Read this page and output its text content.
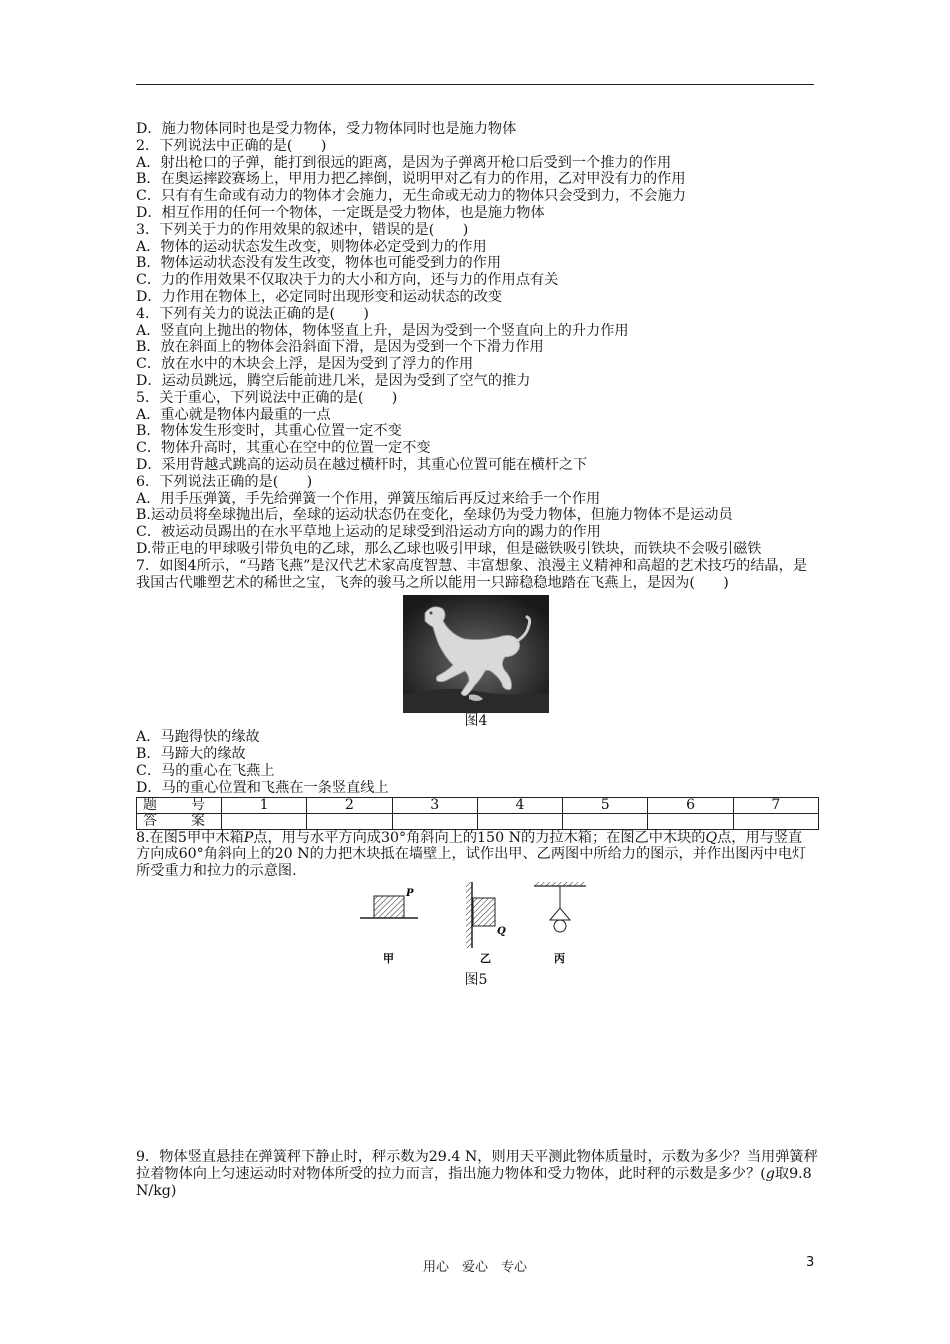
D．施力物体同时也是受力物体，受力物体同时也是施力物体
2．下列说法中正确的是(　　)
A．射出枪口的子弹，能打到很远的距离，是因为子弹离开枪口后受到一个推力的作用
B．在奥运摔跤赛场上，甲用力把乙摔倒，说明甲对乙有力的作用，乙对甲没有力的作用
C．只有有生命或有动力的物体才会施力，无生命或无动力的物体只会受到力，不会施力
D．相互作用的任何一个物体，一定既是受力物体，也是施力物体
3．下列关于力的作用效果的叙述中，错误的是(　　)
A．物体的运动状态发生改变，则物体必定受到力的作用
B．物体运动状态没有发生改变，物体也可能受到力的作用
C．力的作用效果不仅取决于力的大小和方向，还与力的作用点有关
D．力作用在物体上，必定同时出现形变和运动状态的改变
4．下列有关力的说法正确的是(　　)
A．竖直向上抛出的物体，物体竖直上升，是因为受到一个竖直向上的升力作用
B．放在斜面上的物体会沿斜面下滑，是因为受到一个下滑力作用
C．放在水中的木块会上浮，是因为受到了浮力的作用
D．运动员跳远，腾空后能前进几米，是因为受到了空气的推力
5．关于重心，下列说法中正确的是(　　)
A．重心就是物体内最重的一点
B．物体发生形变时，其重心位置一定不变
C．物体升高时，其重心在空中的位置一定不变
D．采用背越式跳高的运动员在越过横杆时，其重心位置可能在横杆之下
6．下列说法正确的是(　　)
A．用手压弹簧，手先给弹簧一个作用，弹簧压缩后再反过来给手一个作用
B.运动员将垒球抛出后，垒球的运动状态仍在变化，垒球仍为受力物体，但施力物体不是运动员
C．被运动员踢出的在水平草地上运动的足球受到沿运动方向的踢力的作用
D.带正电的甲球吸引带负电的乙球，那么乙球也吸引甲球，但是磁铁吸引铁块，而铁块不会吸引磁铁
7．如图4所示，“马踏飞燕”是汉代艺术家高度智慧、丰富想象、浪漫主义精神和高超的艺术技巧的结晶，是我国古代雕塑艺术的稀世之宝，飞奔的骏马之所以能用一只蹄稳稳地踏在飞燕上，是因为(　　)
图4
A．马跑得快的缘故
B．马蹄大的缘故
C．马的重心在飞燕上
D．马的重心位置和飞燕在一条竖直线上
题　号	1	2	3	4	5	6	7
答　案							
8.在图5甲中木箱P点，用与水平方向成30°角斜向上的150 N的力拉木箱；在图乙中木块的Q点，用与竖直方向成60°角斜向上的20 N的力把木块抵在墙壁上，试作出甲、乙两图中所给力的图示，并作出图丙中电灯所受重力和拉力的示意图.
P
甲
Q
乙	丙
图5
9．物体竖直悬挂在弹簧秤下静止时，秤示数为29.4 N，则用天平测此物体质量时，示数为多少？当用弹簧秤拉着物体向上匀速运动时对物体所受的拉力而言，指出施力物体和受力物体，此时秤的示数是多少？(g取9.8 N/kg)
用心　爱心　专心	3
